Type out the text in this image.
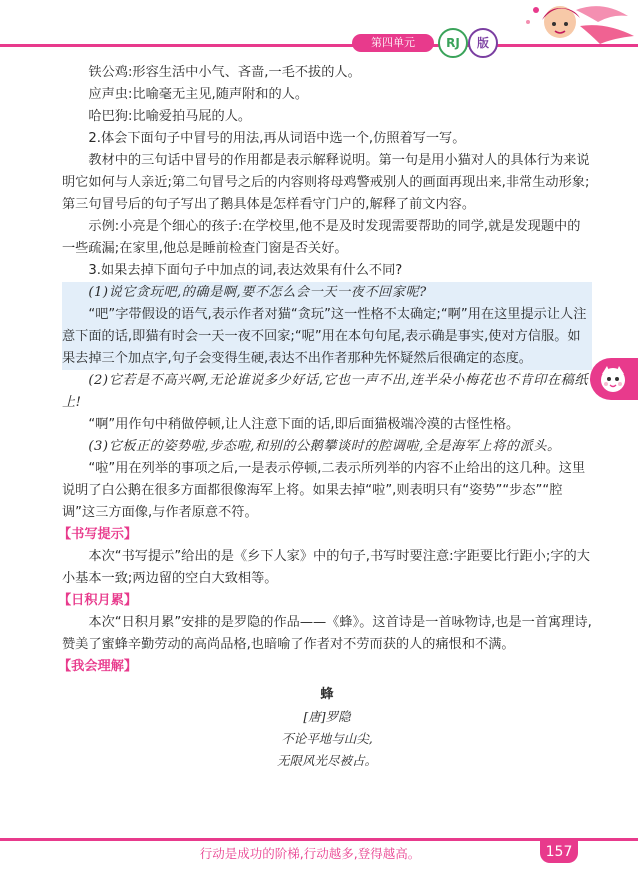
第四单元	RJ	版

铁公鸡:形容生活中小气、吝啬,一毛不拔的人。

应声虫:比喻毫无主见,随声附和的人。

哈巴狗:比喻爱拍马屁的人。

2.体会下面句子中冒号的用法,再从词语中选一个,仿照着写一写。

教材中的三句话中冒号的作用都是表示解释说明。第一句是用小猫对人的具体行为来说明它如何与人亲近;第二句冒号之后的内容则将母鸡警戒别人的画面再现出来,非常生动形象;第三句冒号后的句子写出了鹅具体是怎样看守门户的,解释了前文内容。

示例:小亮是个细心的孩子:在学校里,他不是及时发现需要帮助的同学,就是发现题中的一些疏漏;在家里,他总是睡前检查门窗是否关好。

3.如果去掉下面句子中加点的词,表达效果有什么不同?

(1)说它贪玩吧,的确是啊,要不怎么会一天一夜不回家呢?

“吧”字带假设的语气,表示作者对猫“贪玩”这一性格不太确定;“啊”用在这里提示让人注意下面的话,即猫有时会一天一夜不回家;“呢”用在本句句尾,表示确是事实,使对方信服。如果去掉三个加点字,句子会变得生硬,表达不出作者那种先怀疑然后很确定的态度。

(2)它若是不高兴啊,无论谁说多少好话,它也一声不出,连半朵小梅花也不肯印在稿纸上!

“啊”用作句中稍做停顿,让人注意下面的话,即后面猫极端冷漠的古怪性格。

(3)它板正的姿势啦,步态啦,和别的公鹅攀谈时的腔调啦,全是海军上将的派头。

“啦”用在列举的事项之后,一是表示停顿,二表示所列举的内容不止给出的这几种。这里说明了白公鹅在很多方面都很像海军上将。如果去掉“啦”,则表明只有“姿势”“步态”“腔调”这三方面像,与作者原意不符。

【书写提示】

本次“书写提示”给出的是《乡下人家》中的句子,书写时要注意:字距要比行距小;字的大小基本一致;两边留的空白大致相等。

【日积月累】

本次“日积月累”安排的是罗隐的作品——《蜂》。这首诗是一首咏物诗,也是一首寓理诗,赞美了蜜蜂辛勤劳动的高尚品格,也暗喻了作者对不劳而获的人的痛恨和不满。

【我会理解】

蜂

[唐]罗隐

不论平地与山尖,

无限风光尽被占。

行动是成功的阶梯,行动越多,登得越高。	157
